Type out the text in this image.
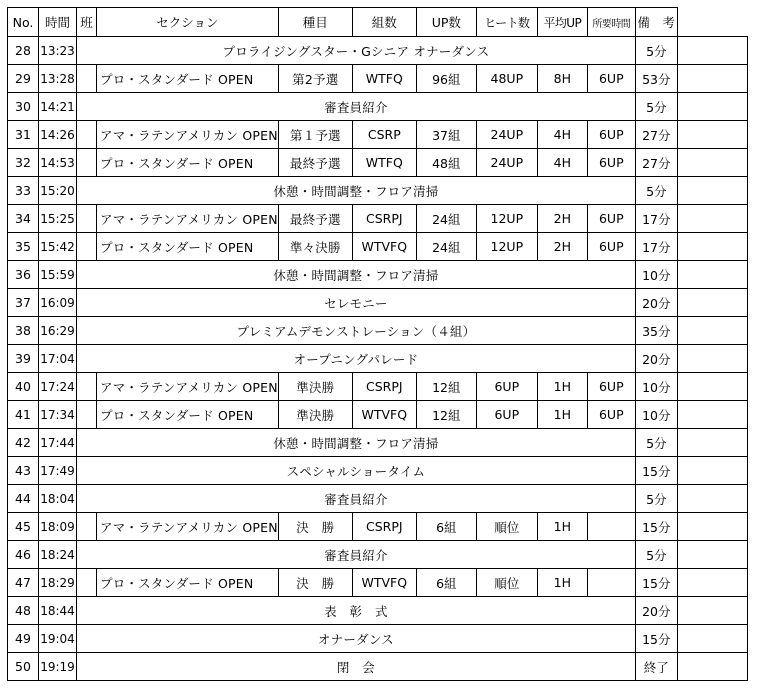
No.	時間	班	セクション	種目	組数	UP数	ヒート数	平均UP	所要時間	備　考	
28	13:23	プロライジングスター・Gシニア オナーダンス								5分	
29	13:28		プロ・スタンダード OPEN	第2予選	WTFQ	96組	48UP	8H	6UP	53分	
30	14:21	審査員紹介								5分	
31	14:26		アマ・ラテンアメリカン OPEN	第１予選	CSRP	37組	24UP	4H	6UP	27分	
32	14:53		プロ・スタンダード OPEN	最終予選	WTFQ	48組	24UP	4H	6UP	27分	
33	15:20	休憩・時間調整・フロア清掃								5分	
34	15:25		アマ・ラテンアメリカン OPEN	最終予選	CSRPJ	24組	12UP	2H	6UP	17分	
35	15:42		プロ・スタンダード OPEN	準々決勝	WTVFQ	24組	12UP	2H	6UP	17分	
36	15:59	休憩・時間調整・フロア清掃								10分	
37	16:09	セレモニー								20分	
38	16:29	プレミアムデモンストレーション（４組）								35分	
39	17:04	オープニングパレード								20分	
40	17:24		アマ・ラテンアメリカン OPEN	準決勝	CSRPJ	12組	6UP	1H	6UP	10分	
41	17:34		プロ・スタンダード OPEN	準決勝	WTVFQ	12組	6UP	1H	6UP	10分	
42	17:44	休憩・時間調整・フロア清掃								5分	
43	17:49	スペシャルショータイム								15分	
44	18:04	審査員紹介								5分	
45	18:09		アマ・ラテンアメリカン OPEN	決　勝	CSRPJ	6組	順位	1H		15分	
46	18:24	審査員紹介								5分	
47	18:29		プロ・スタンダード OPEN	決　勝	WTVFQ	6組	順位	1H		15分	
48	18:44	表　彰　式								20分	
49	19:04	オナーダンス								15分	
50	19:19	閉　会								終了	
